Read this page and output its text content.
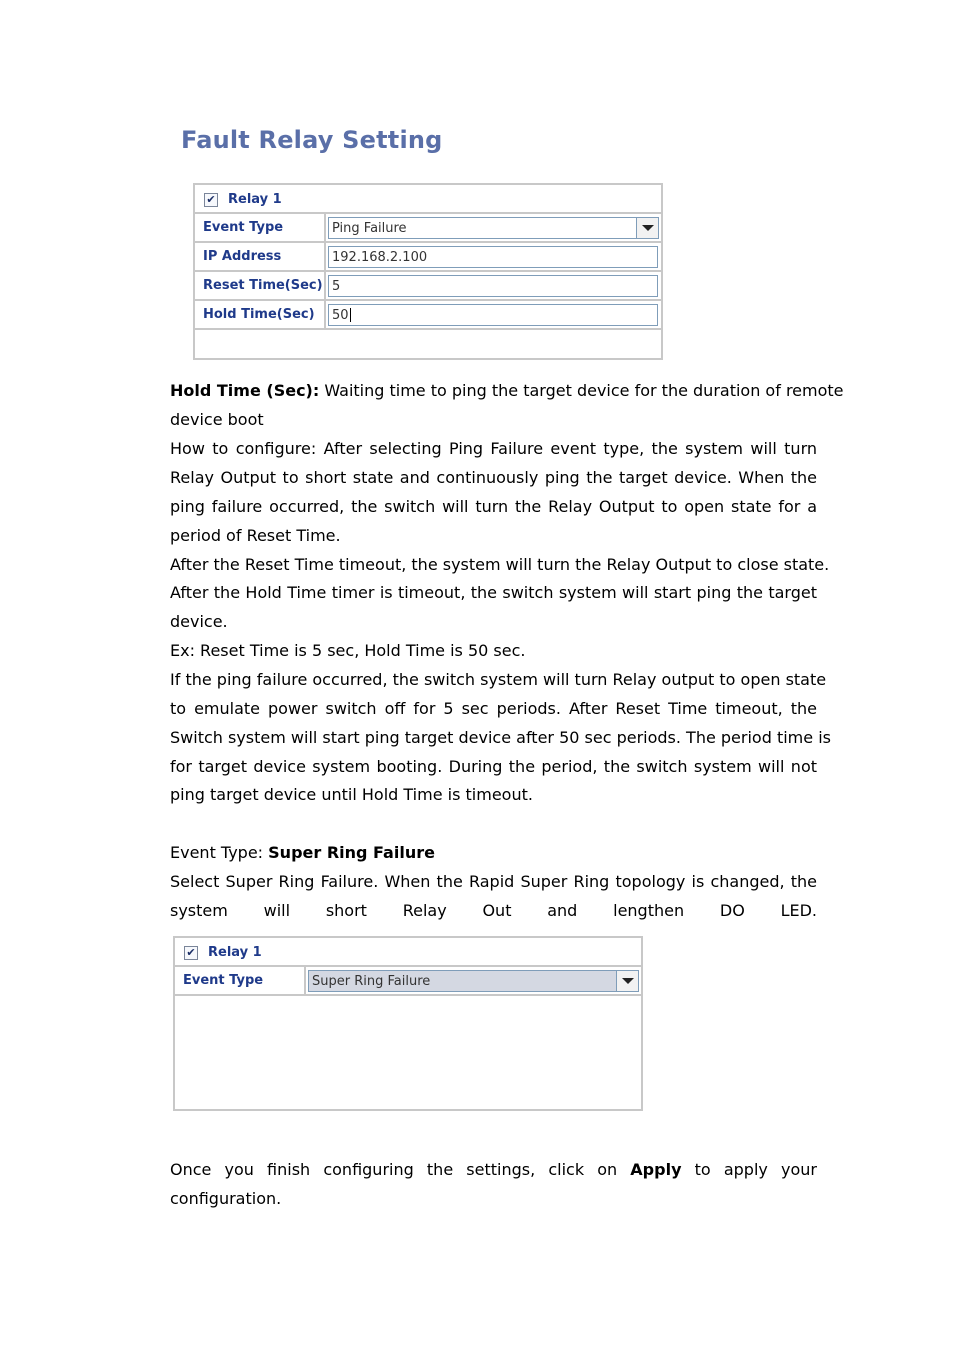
Fault Relay Setting
✔ Relay 1
Event Type	Ping Failure
IP Address	192.168.2.100
Reset Time(Sec) 5
Hold Time(Sec)	50
Hold Time (Sec): Waiting time to ping the target device for the duration of remote
device boot
How to configure: After selecting Ping Failure event type, the system will turn
Relay Output to short state and continuously ping the target device. When the
ping failure occurred, the switch will turn the Relay Output to open state for a
period of Reset Time.
After the Reset Time timeout, the system will turn the Relay Output to close state.
After the Hold Time timer is timeout, the switch system will start ping the target
device.
Ex: Reset Time is 5 sec, Hold Time is 50 sec.
If the ping failure occurred, the switch system will turn Relay output to open state
to emulate power switch off for 5 sec periods. After Reset Time timeout, the
Switch system will start ping target device after 50 sec periods. The period time is
for target device system booting. During the period, the switch system will not
ping target device until Hold Time is timeout.
Event Type: Super Ring Failure
Select Super Ring Failure. When the Rapid Super Ring topology is changed, the
system will short Relay Out and lengthen DO LED.
✔ Relay 1
Event Type	Super Ring Failure
Once you finish configuring the settings, click on Apply to apply your
configuration.
